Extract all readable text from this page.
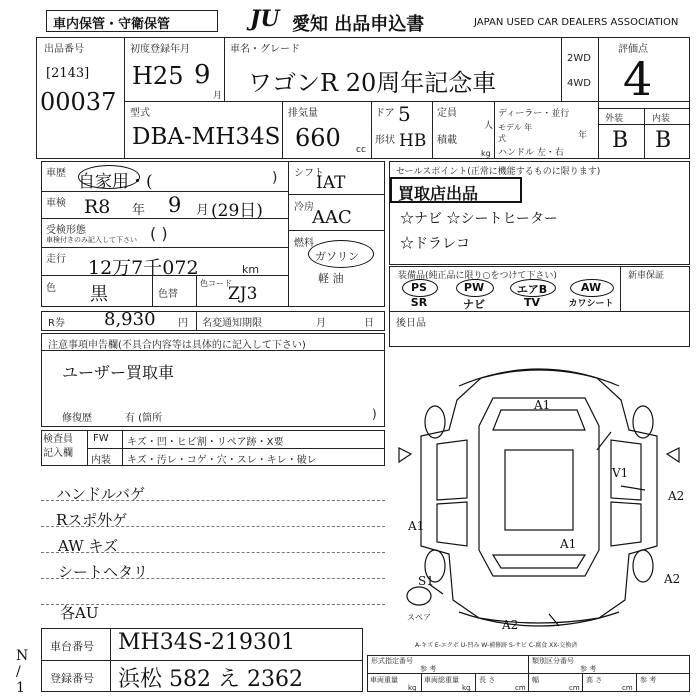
車内保管・守衛保管	JU 愛知 出品申込書	JAPAN USED CAR DEALERS ASSOCIATION
出品番号
[2143]
00037
初度登録年月
H25 9
月
車名・グレード
ワゴンR 20周年記念車
2WD
4WD
評価点
4
外装	内装
B B
型式
DBA-MH34S
排気量
660 cc
ドア 5
形状 HB
定員
人
積載
kg
ディーラー・並行
モデル 年式	年
ハンドル 左・右
車歴 自家用・(	)
車検 R8 年 9 月 (29日)
受検形態
車検付きのみ記入して下さい ( )
走行 12万7千072	km
色 黒	色替
色コード
ZJ3
シフト
IAT
冷房
AAC
燃料
ガソリン
軽 油
セールスポイント(正常に機能するものに限ります)
買取店出品
☆ナビ ☆シートヒーター
☆ドラレコ
装備品(純正品に限り○をつけて下さい)	新車保証
PS	PW	エアB	AW
SR	ナビ	TV	カワシート
R券 8,930 円 名変通知期限	月	日 後日品
注意事項申告欄(不具合内容等は具体的に記入して下さい)
ユーザー買取車
修復歴	有 (箇所	)
検査員 記入欄
FW キズ・凹・ヒビ割・リペア跡・X要
内装 キズ・汚レ・コゲ・穴・スレ・キレ・破レ
ハンドルバゲ
Rスポ外ゲ
AW キズ
シートヘタリ
各AU
A1
A1
V1
A2
A1
S1
A2
A2
スペア
A-キズ E-エクボ U-凹み W-補修跡 S-サビ C-腐食 XX-交換済
車台番号 MH34S-219301
登録番号 浜松 582 え 2362
N / 1
形式指定番号
参 考
類別区分番号
参 考
車両重量
kg
車両総重量
kg
長 さ
cm
幅
cm
高 さ
cm
参 考
